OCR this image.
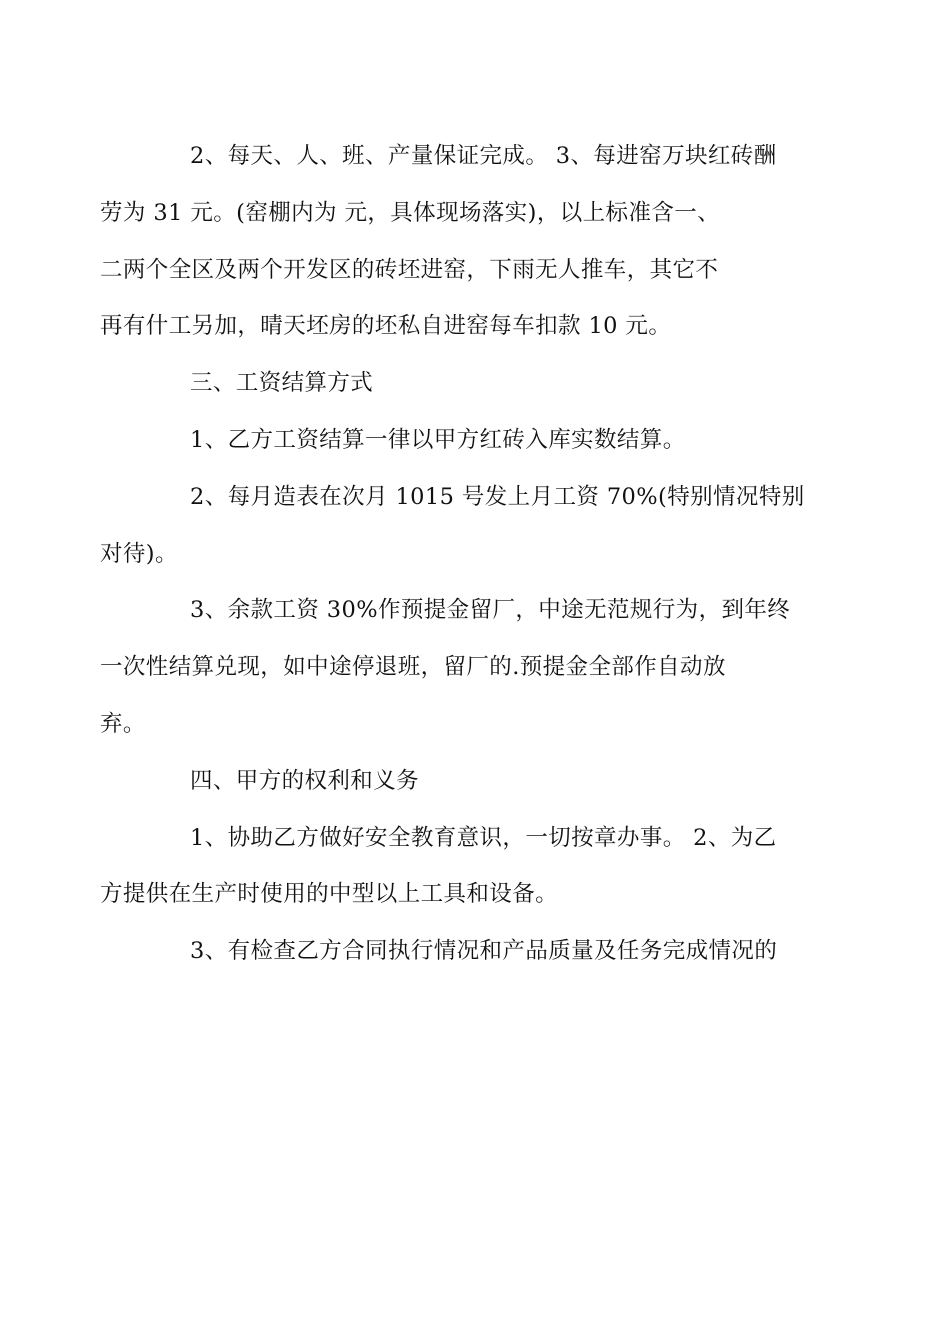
2、每天、人、班、产量保证完成。 3、每进窑万块红砖酬
劳为 31 元。(窑棚内为 元，具体现场落实)，以上标准含一、
二两个全区及两个开发区的砖坯进窑，下雨无人推车，其它不
再有什工另加，晴天坯房的坯私自进窑每车扣款 10 元。

三、工资结算方式

1、乙方工资结算一律以甲方红砖入库实数结算。

2、每月造表在次月 1015 号发上月工资 70%(特别情况特别
对待)。

3、余款工资 30%作预提金留厂，中途无范规行为，到年终
一次性结算兑现，如中途停退班，留厂的.预提金全部作自动放
弃。

四、甲方的权利和义务

1、协助乙方做好安全教育意识，一切按章办事。 2、为乙
方提供在生产时使用的中型以上工具和设备。

3、有检查乙方合同执行情况和产品质量及任务完成情况的
